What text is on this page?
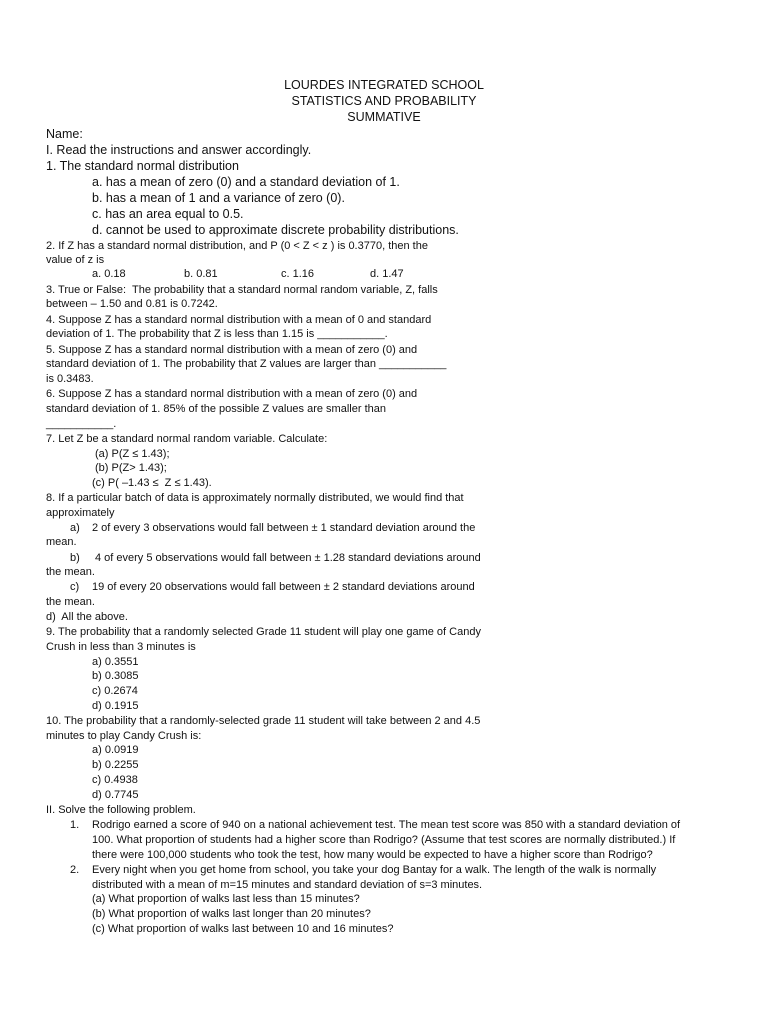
LOURDES INTEGRATED SCHOOL
STATISTICS AND PROBABILITY
SUMMATIVE
Name:
I. Read the instructions and answer accordingly.
1. The standard normal distribution
a. has a mean of zero (0) and a standard deviation of 1.
b. has a mean of 1 and a variance of zero (0).
c. has an area equal to 0.5.
d. cannot be used to approximate discrete probability distributions.
2. If Z has a standard normal distribution, and P (0 < Z < z ) is 0.3770, then the
value of z is
a. 0.18	b. 0.81	c. 1.16	d. 1.47
3. True or False:  The probability that a standard normal random variable, Z, falls
between – 1.50 and 0.81 is 0.7242.
4. Suppose Z has a standard normal distribution with a mean of 0 and standard
deviation of 1. The probability that Z is less than 1.15 is ___________.
5. Suppose Z has a standard normal distribution with a mean of zero (0) and
standard deviation of 1. The probability that Z values are larger than ___________
is 0.3483.
6. Suppose Z has a standard normal distribution with a mean of zero (0) and
standard deviation of 1. 85% of the possible Z values are smaller than
___________.
7. Let Z be a standard normal random variable. Calculate:
(a) P(Z ≤ 1.43);
(b) P(Z> 1.43);
(c) P( –1.43 ≤  Z ≤ 1.43).
8. If a particular batch of data is approximately normally distributed, we would find that
approximately
a) 2 of every 3 observations would fall between ± 1 standard deviation around the
mean.
b) 4 of every 5 observations would fall between ± 1.28 standard deviations around
the mean.
c) 19 of every 20 observations would fall between ± 2 standard deviations around
the mean.
d)  All the above.
9. The probability that a randomly selected Grade 11 student will play one game of Candy
Crush in less than 3 minutes is
a) 0.3551
b) 0.3085
c) 0.2674
d) 0.1915
10. The probability that a randomly-selected grade 11 student will take between 2 and 4.5
minutes to play Candy Crush is:
a) 0.0919
b) 0.2255
c) 0.4938
d) 0.7745
II. Solve the following problem.
1. Rodrigo earned a score of 940 on a national achievement test. The mean test score was 850 with a standard deviation of
100. What proportion of students had a higher score than Rodrigo? (Assume that test scores are normally distributed.) If
there were 100,000 students who took the test, how many would be expected to have a higher score than Rodrigo?
2. Every night when you get home from school, you take your dog Bantay for a walk. The length of the walk is normally
distributed with a mean of m=15 minutes and standard deviation of s=3 minutes.
(a) What proportion of walks last less than 15 minutes?
(b) What proportion of walks last longer than 20 minutes?
(c) What proportion of walks last between 10 and 16 minutes?
